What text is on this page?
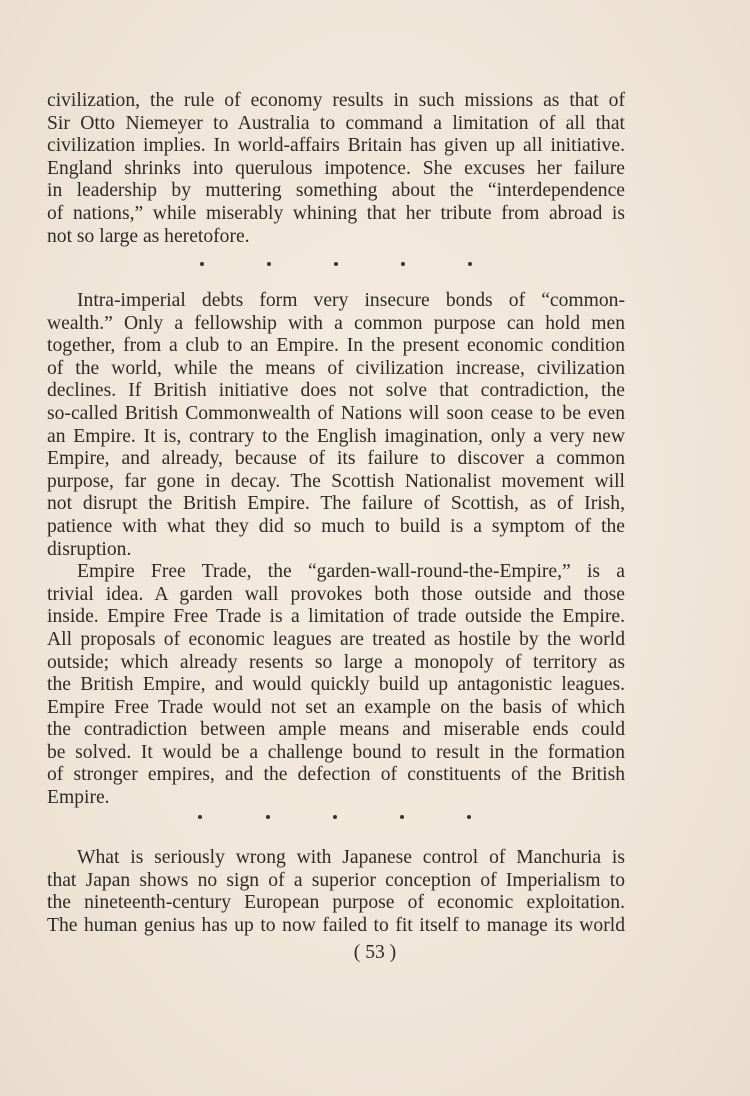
civilization, the rule of economy results in such missions as that of
Sir Otto Niemeyer to Australia to command a limitation of all that
civilization implies. In world-affairs Britain has given up all initiative.
England shrinks into querulous impotence. She excuses her failure
in leadership by muttering something about the “interdependence
of nations,” while miserably whining that her tribute from abroad is
not so large as heretofore.

Intra-imperial debts form very insecure bonds of “common-
wealth.” Only a fellowship with a common purpose can hold men
together, from a club to an Empire. In the present economic condition
of the world, while the means of civilization increase, civilization
declines. If British initiative does not solve that contradiction, the
so-called British Commonwealth of Nations will soon cease to be even
an Empire. It is, contrary to the English imagination, only a very new
Empire, and already, because of its failure to discover a common
purpose, far gone in decay. The Scottish Nationalist movement will
not disrupt the British Empire. The failure of Scottish, as of Irish,
patience with what they did so much to build is a symptom of the
disruption.

Empire Free Trade, the “garden-wall-round-the-Empire,” is a
trivial idea. A garden wall provokes both those outside and those
inside. Empire Free Trade is a limitation of trade outside the Empire.
All proposals of economic leagues are treated as hostile by the world
outside; which already resents so large a monopoly of territory as
the British Empire, and would quickly build up antagonistic leagues.
Empire Free Trade would not set an example on the basis of which
the contradiction between ample means and miserable ends could
be solved. It would be a challenge bound to result in the formation
of stronger empires, and the defection of constituents of the British
Empire.

What is seriously wrong with Japanese control of Manchuria is
that Japan shows no sign of a superior conception of Imperialism to
the nineteenth-century European purpose of economic exploitation.
The human genius has up to now failed to fit itself to manage its world

( 53 )
